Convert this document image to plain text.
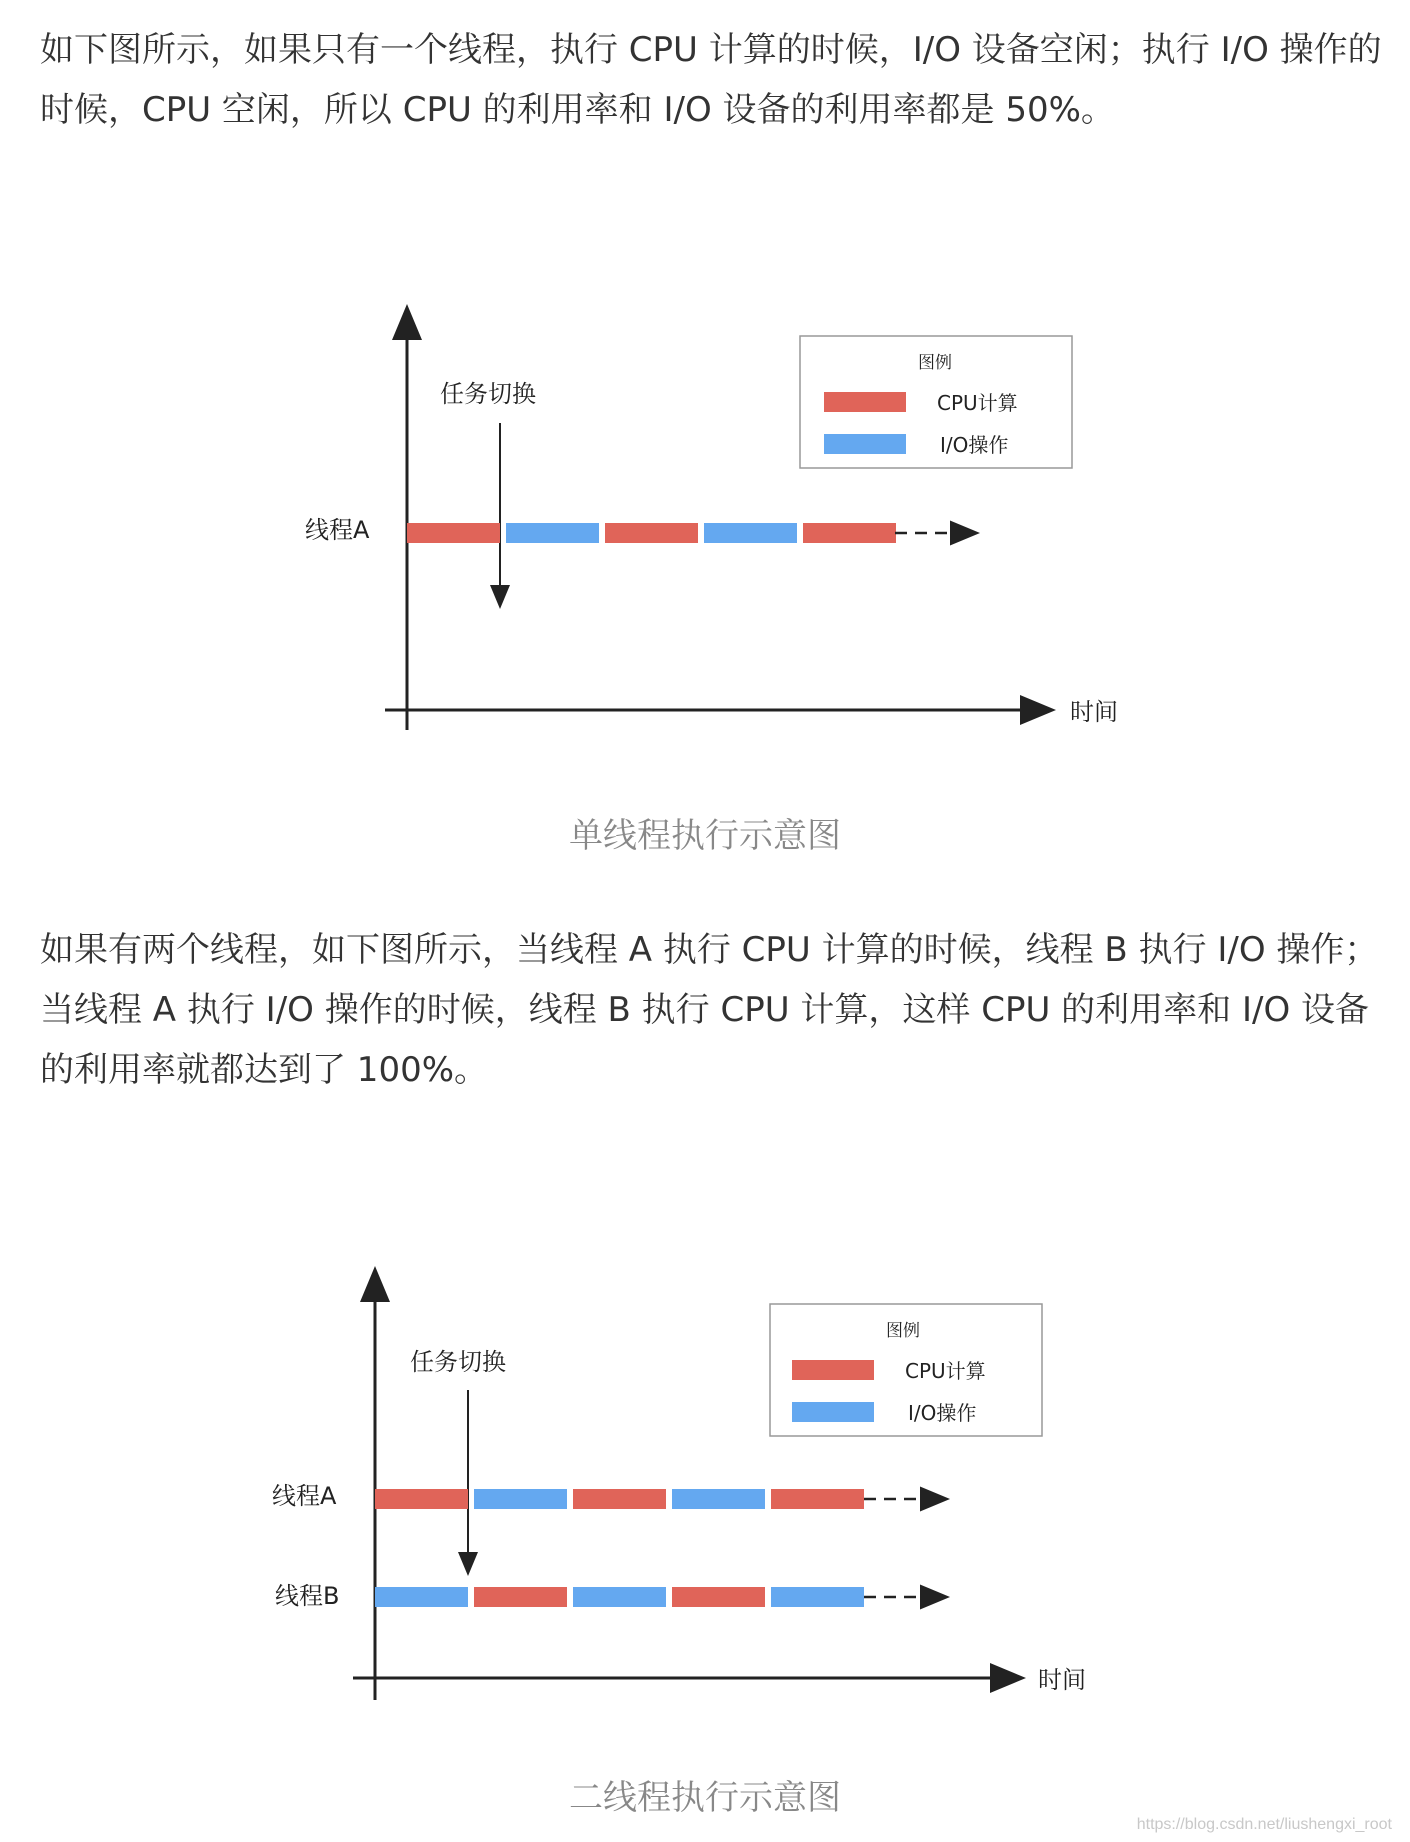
如下图所示，如果只有一个线程，执行 CPU 计算的时候，I/O 设备空闲；执行 I/O 操作的
时候，CPU 空闲，所以 CPU 的利用率和 I/O 设备的利用率都是 50%。
时间
任务切换
线程A
图例
CPU计算
I/O操作
单线程执行示意图
如果有两个线程，如下图所示，当线程 A 执行 CPU 计算的时候，线程 B 执行 I/O 操作；
当线程 A 执行 I/O 操作的时候，线程 B 执行 CPU 计算，这样 CPU 的利用率和 I/O 设备
的利用率就都达到了 100%。
时间
任务切换
线程A
线程B
图例
CPU计算
I/O操作
二线程执行示意图
https://blog.csdn.net/liushengxi_root
